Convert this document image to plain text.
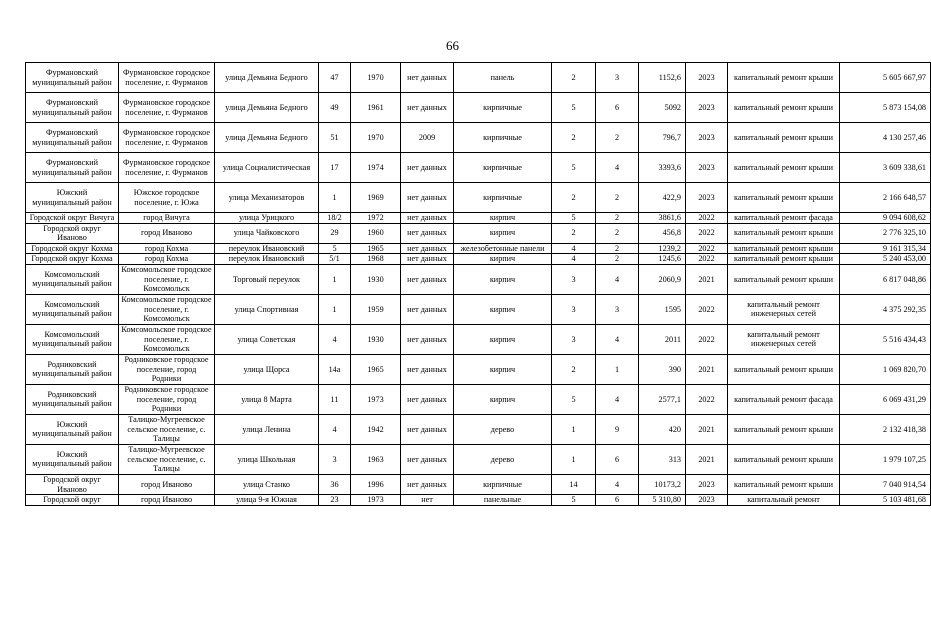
66
Фурмановский муниципальный район	Фурмановское городское поселение, г. Фурманов	улица Демьяна Бедного	47	1970	нет данных	панель	2	3	1152,6	2023	капитальный ремонт крыши	5 605 667,97
Фурмановский муниципальный район	Фурмановское городское поселение, г. Фурманов	улица Демьяна Бедного	49	1961	нет данных	кирпичные	5	6	5092	2023	капитальный ремонт крыши	5 873 154,08
Фурмановский муниципальный район	Фурмановское городское поселение, г. Фурманов	улица Демьяна Бедного	51	1970	2009	кирпичные	2	2	796,7	2023	капитальный ремонт крыши	4 130 257,46
Фурмановский муниципальный район	Фурмановское городское поселение, г. Фурманов	улица Социалистическая	17	1974	нет данных	кирпичные	5	4	3393,6	2023	капитальный ремонт крыши	3 609 338,61
Южский муниципальный район	Южское городское поселение, г. Южа	улица Механизаторов	1	1969	нет данных	кирпичные	2	2	422,9	2023	капитальный ремонт крыши	2 166 648,57
Городской округ Вичуга	город Вичуга	улица Урицкого	18/2	1972	нет данных	кирпич	5	2	3861,6	2022	капитальный ремонт фасада	9 094 608,62
Городской округ Иваново	город Иваново	улица Чайковского	29	1960	нет данных	кирпич	2	2	456,8	2022	капитальный ремонт крыши	2 776 325,10
Городской округ Кохма	город Кохма	переулок Ивановский	5	1965	нет данных	железобетонные панели	4	2	1239,2	2022	капитальный ремонт крыши	9 161 315,34
Городской округ Кохма	город Кохма	переулок Ивановский	5/1	1968	нет данных	кирпич	4	2	1245,6	2022	капитальный ремонт крыши	5 240 453,00
Комсомольский муниципальный район	Комсомольское городское поселение, г. Комсомольск	Торговый переулок	1	1930	нет данных	кирпич	3	4	2060,9	2021	капитальный ремонт крыши	6 817 048,86
Комсомольский муниципальный район	Комсомольское городское поселение, г. Комсомольск	улица Спортивная	1	1959	нет данных	кирпич	3	3	1595	2022	капитальный ремонт инженерных сетей	4 375 292,35
Комсомольский муниципальный район	Комсомольское городское поселение, г. Комсомольск	улица Советская	4	1930	нет данных	кирпич	3	4	2011	2022	капитальный ремонт инженерных сетей	5 516 434,43
Родниковский муниципальный район	Родниковское городское поселение, город Родники	улица Щорса	14а	1965	нет данных	кирпич	2	1	390	2021	капитальный ремонт крыши	1 069 820,70
Родниковский муниципальный район	Родниковское городское поселение, город Родники	улица 8 Марта	11	1973	нет данных	кирпич	5	4	2577,1	2022	капитальный ремонт фасада	6 069 431,29
Южский муниципальный район	Талицко-Мугреевское сельское поселение, с. Талицы	улица Ленина	4	1942	нет данных	дерево	1	9	420	2021	капитальный ремонт крыши	2 132 418,38
Южский муниципальный район	Талицко-Мугреевское сельское поселение, с. Талицы	улица Школьная	3	1963	нет данных	дерево	1	6	313	2021	капитальный ремонт крыши	1 979 107,25
Городской округ Иваново	город Иваново	улица Станко	36	1996	нет данных	кирпичные	14	4	10173,2	2023	капитальный ремонт крыши	7 040 914,54
Городской округ	город Иваново	улица 9-я Южная	23	1973	нет	панельные	5	6	5 310,80	2023	капитальный ремонт	5 103 481,68
